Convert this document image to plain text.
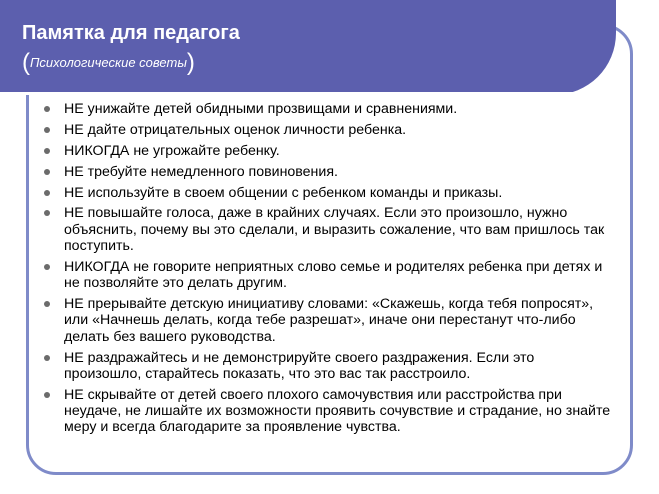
Памятка для педагога
(Психологические советы)
НЕ унижайте детей обидными прозвищами и сравнениями.
НЕ дайте отрицательных оценок личности ребенка.
НИКОГДА не угрожайте ребенку.
НЕ требуйте немедленного повиновения.
НЕ используйте в своем общении с ребенком команды и приказы.
НЕ повышайте голоса, даже в крайних случаях. Если это произошло, нужно объяснить, почему вы это сделали, и выразить сожаление, что вам пришлось так поступить.
НИКОГДА не говорите неприятных слово семье и родителях ребенка при детях и не позволяйте это делать другим.
НЕ прерывайте детскую инициативу словами: «Скажешь, когда тебя попросят», или «Начнешь делать, когда тебе разрешат», иначе они перестанут что-либо делать без вашего руководства.
НЕ раздражайтесь и не демонстрируйте своего раздражения. Если это произошло, старайтесь показать, что это вас так расстроило.
НЕ скрывайте от детей своего плохого самочувствия или расстройства при неудаче, не лишайте их возможности проявить сочувствие и страдание, но знайте меру и всегда благодарите за проявление чувства.
